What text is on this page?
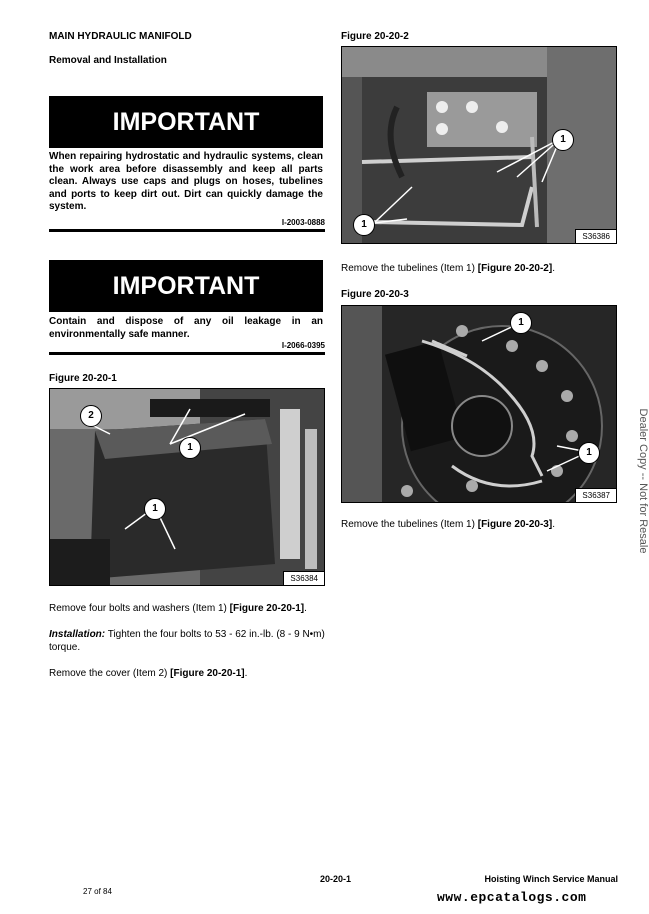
MAIN HYDRAULIC MANIFOLD
Removal and Installation
IMPORTANT
When repairing hydrostatic and hydraulic systems, clean the work area before disassembly and keep all parts clean. Always use caps and plugs on hoses, tubelines and ports to keep dirt out. Dirt can quickly damage the system.
I-2003-0888
IMPORTANT
Contain and dispose of any oil leakage in an environmentally safe manner.
I-2066-0395
Figure 20-20-1
2
1
1
S36384
Remove four bolts and washers (Item 1) [Figure 20-20-1].
Installation: Tighten the four bolts to 53 - 62 in.-lb. (8 - 9 N•m) torque.
Remove the cover (Item 2) [Figure 20-20-1].
Figure 20-20-2
1
1
S36386
Remove the tubelines (Item 1) [Figure 20-20-2].
Figure 20-20-3
1
1
S36387
Remove the tubelines (Item 1) [Figure 20-20-3].	Dealer Copy -- Not for Resale
20-20-1	Hoisting Winch Service Manual
27 of 84	www.epcatalogs.com
